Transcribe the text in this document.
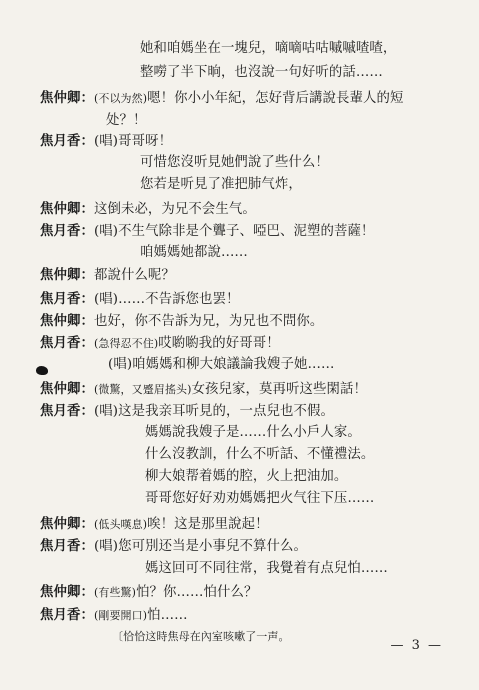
她和咱媽坐在一塊兒，嘀嘀咕咕嘁嘁喳喳，
整嘮了半下晌，也沒說一句好听的話……
焦仲卿：(不以为然)嗯！你小小年紀，怎好背后講說長輩人的短
处？！
焦月香：(唱)哥哥呀！
可惜您沒听見她們說了些什么！
您若是听見了准把肺气炸，
焦仲卿：这倒未必，为兄不会生气。
焦月香：(唱)不生气除非是个聾子、啞巴、泥塑的菩薩！
咱媽媽她都說……
焦仲卿：都說什么呢？
焦月香：(唱)……不告訴您也罢！
焦仲卿：也好，你不告訴为兄，为兄也不問你。
焦月香：(急得忍不住)哎喲喲我的好哥哥！
(唱)咱媽媽和柳大娘議論我嫂子她……
焦仲卿：(微驚，又蹙眉搖头)女孩兒家，莫再听这些閑話！
焦月香：(唱)这是我亲耳听見的，一点兒也不假。
媽媽說我嫂子是……什么小戶人家。
什么沒教訓，什么不听話、不懂禮法。
柳大娘帮着媽的腔，火上把油加。
哥哥您好好劝劝媽媽把火气往下压……
焦仲卿：(低头嘆息)唉！这是那里說起！
焦月香：(唱)您可別还当是小事兒不算什么。
媽这回可不同往常，我覺着有点兒怕……
焦仲卿：(有些驚)怕？你……怕什么？
焦月香：(剛要開口)怕……
〔恰恰这時焦母在內室咳嗽了一声。
— 3 —
